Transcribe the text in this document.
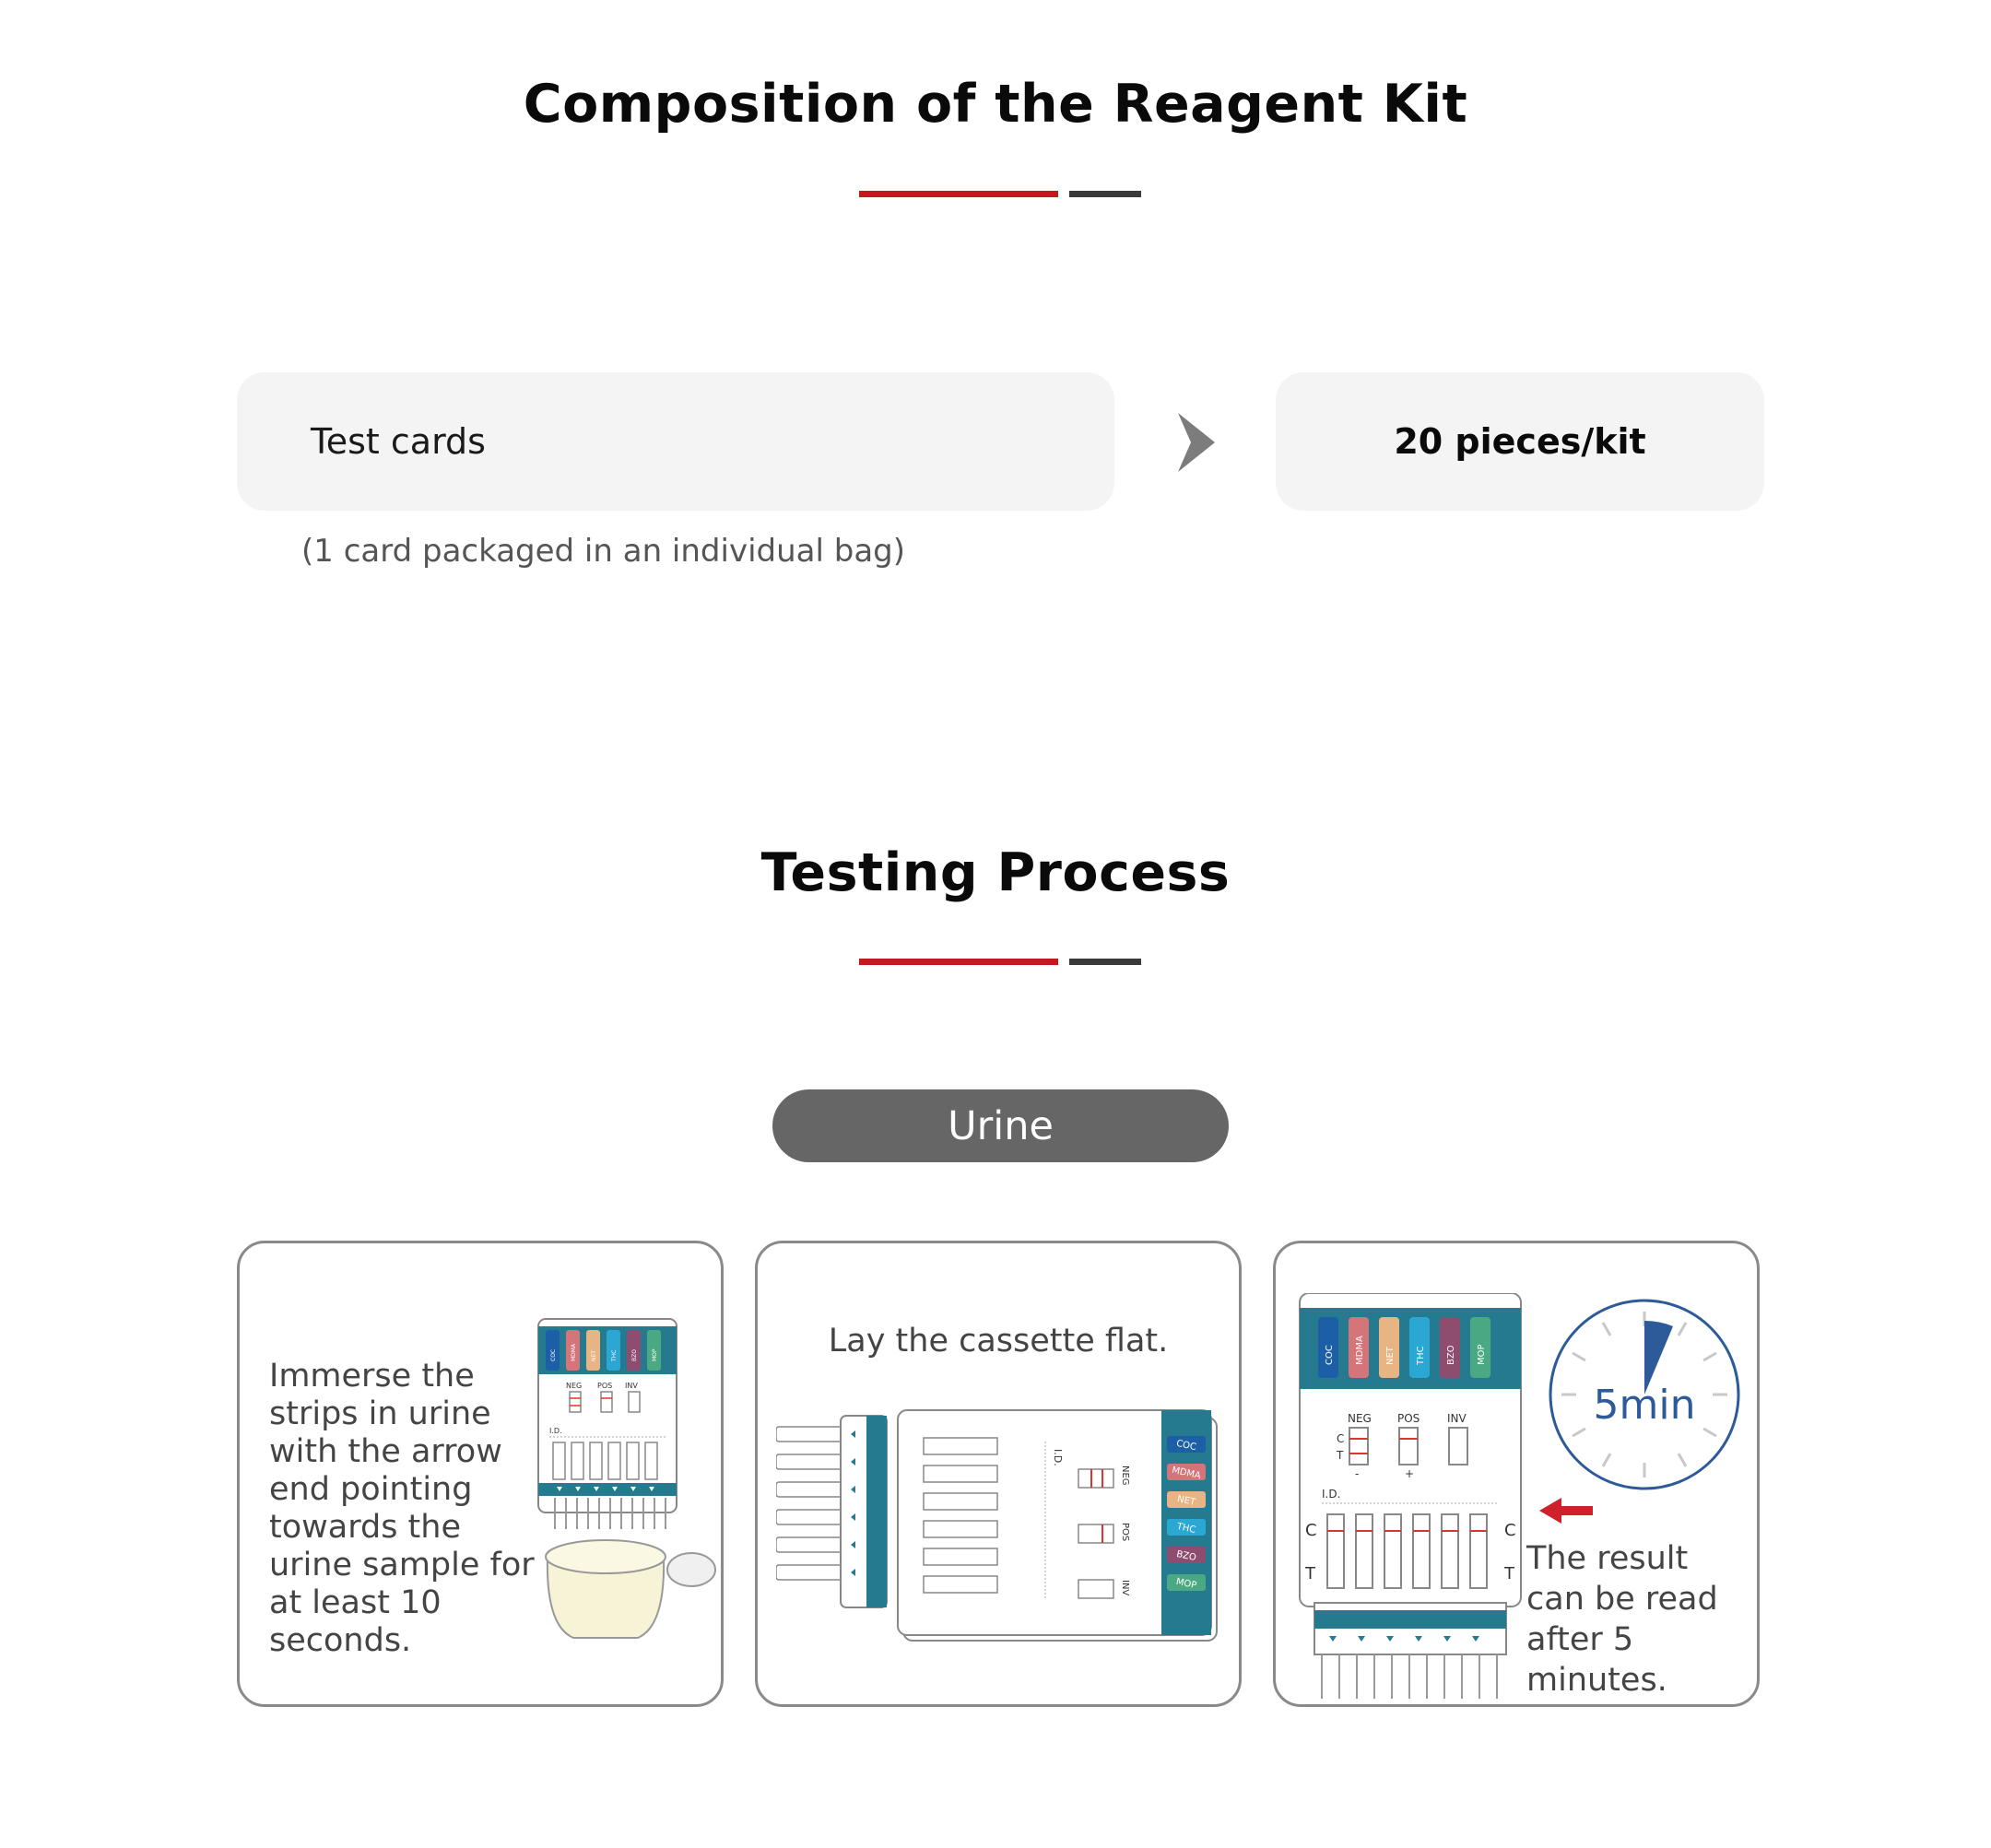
Composition of the Reagent Kit
Test cards	20 pieces/kit
(1 card packaged in an individual bag)
Testing Process
Urine
Immerse the strips in urine with the arrow end pointing towards the urine sample for at least 10 seconds.
COC	MDMA	NET	THC	BZO	MOP
NEG POS INV
I.D.
Lay the cassette flat.
COC
MDMA
NET
THC
BZO
MOP
I.D.
NEG
POS
INV
COC MDMA NET THC BZO MOP
NEG POS INV
C
T
-	+
I.D.
C
T
C
T
5min
The result can be read after 5 minutes.
